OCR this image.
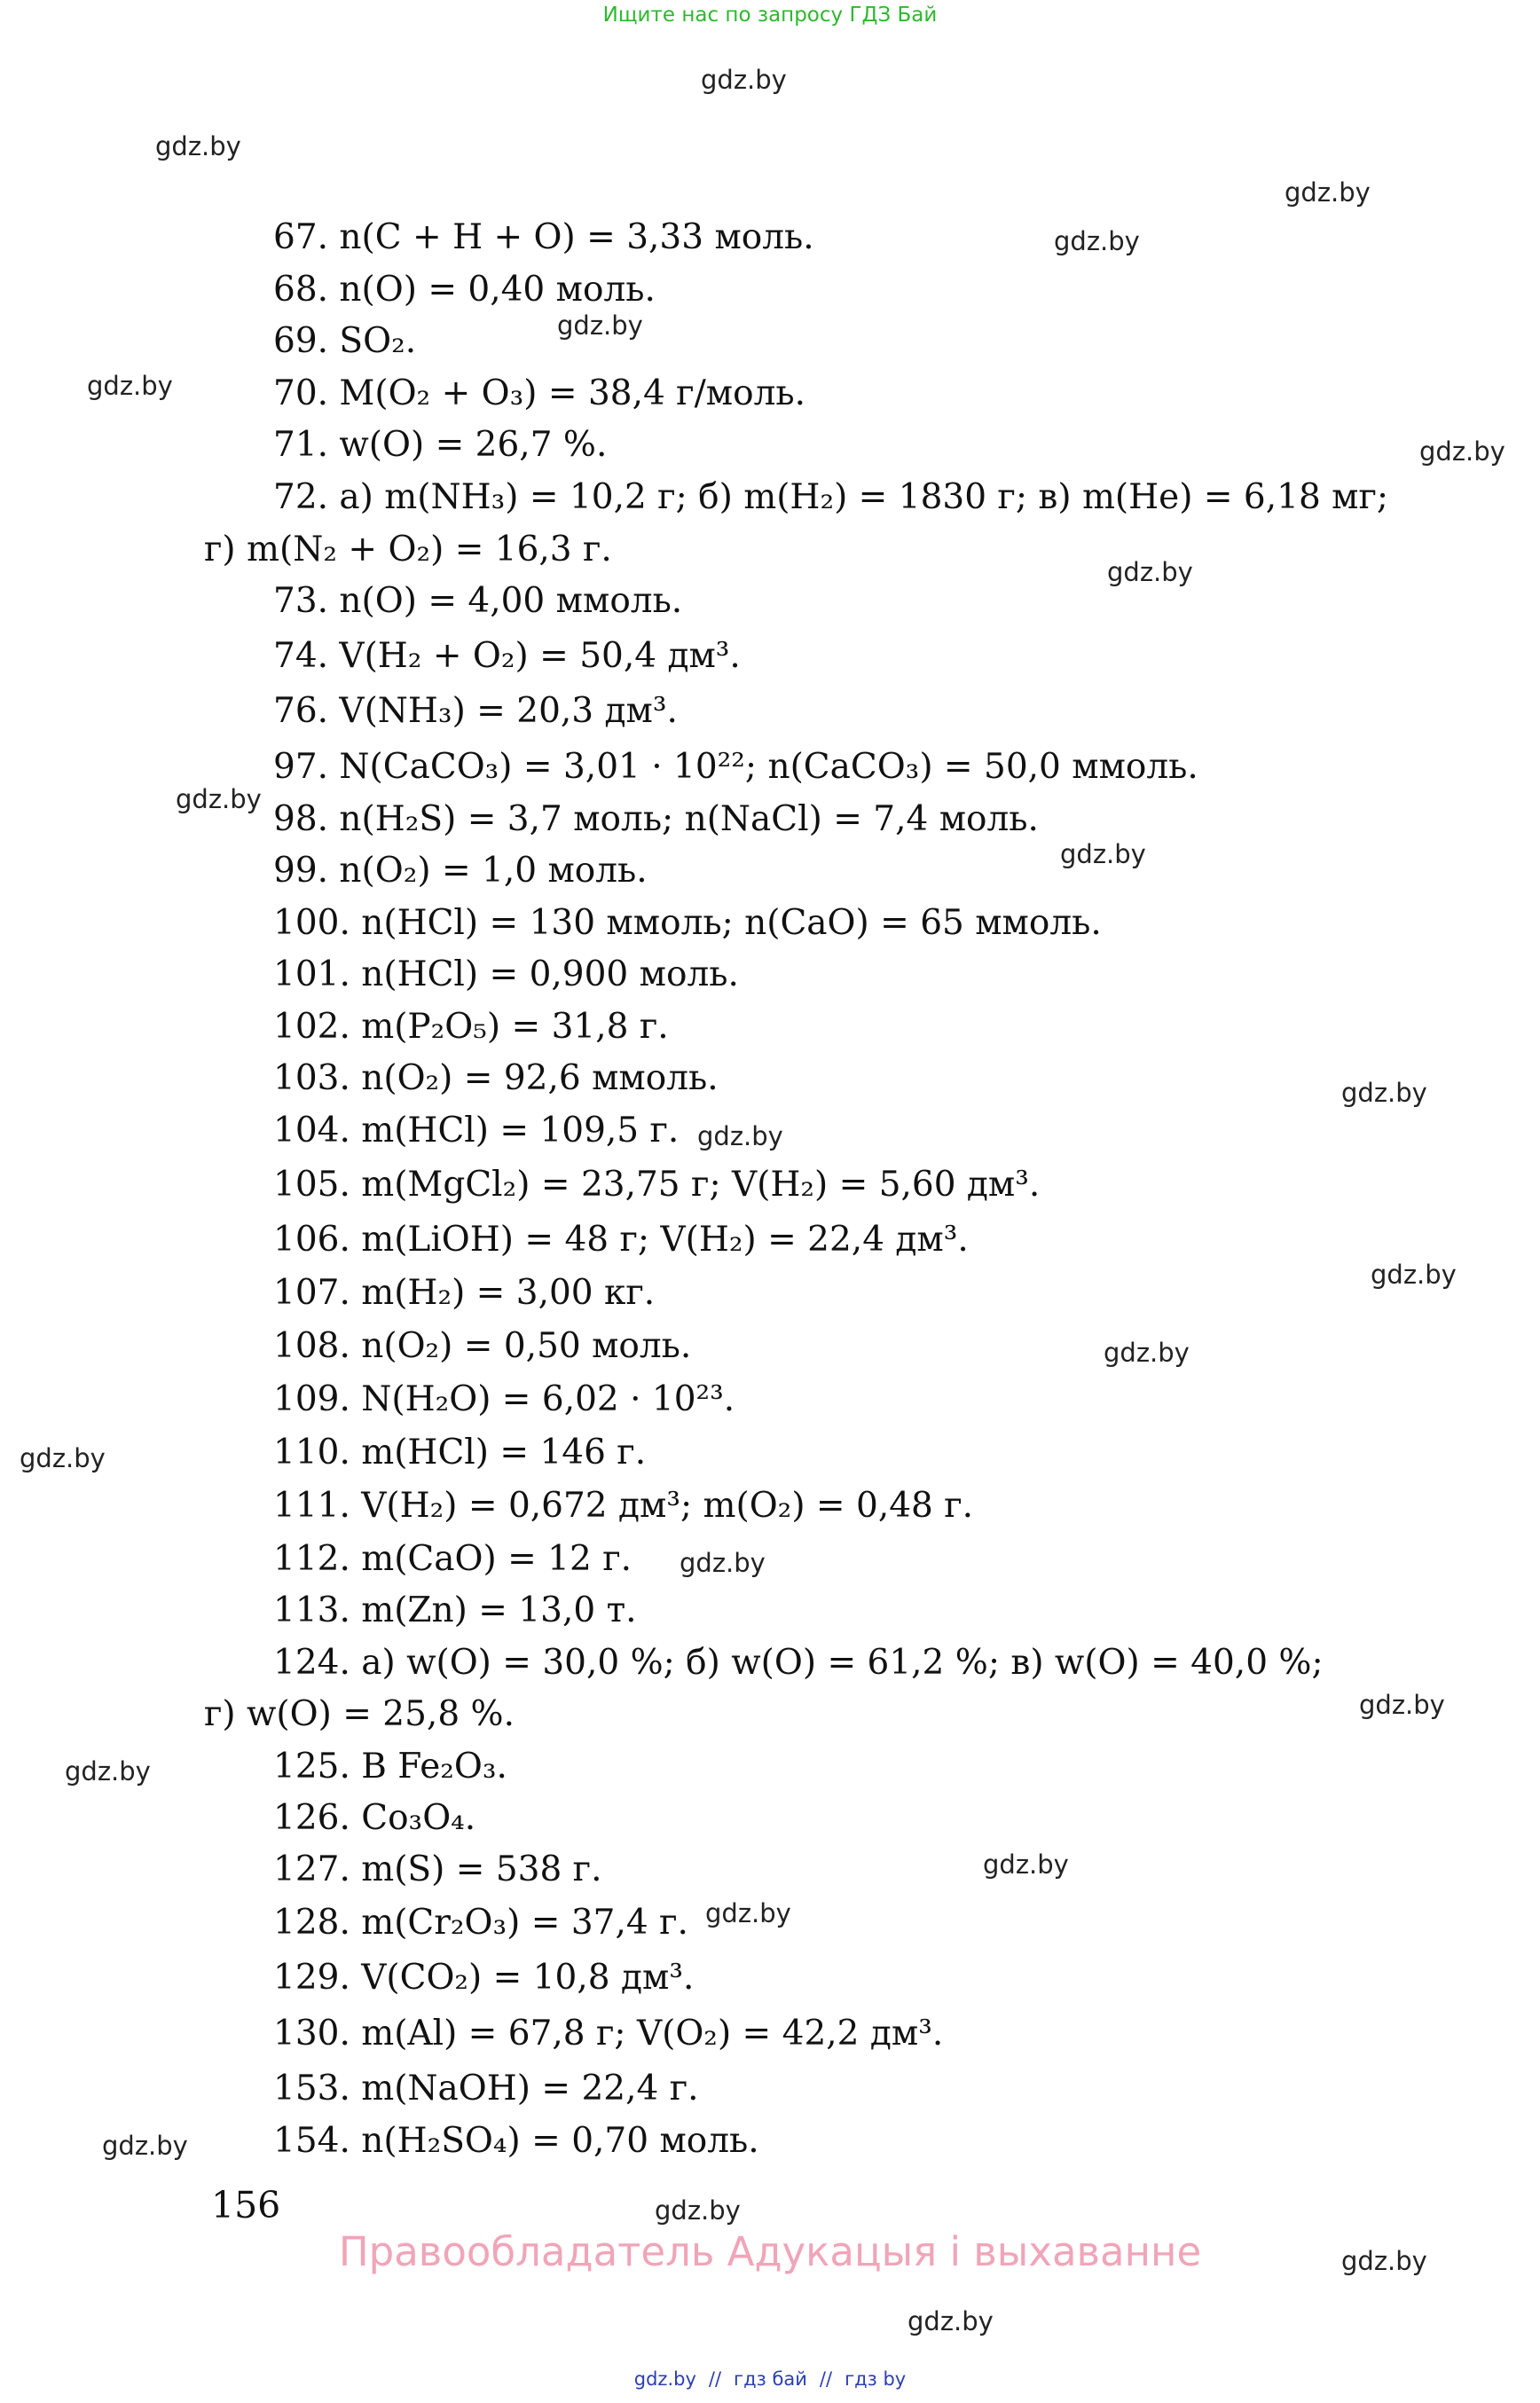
Ищите нас по запросу ГДЗ Бай
gdz.by
gdz.by
gdz.by
gdz.by
gdz.by
gdz.by
gdz.by
gdz.by
gdz.by
gdz.by
gdz.by
gdz.by
gdz.by
gdz.by
gdz.by
gdz.by
gdz.by
gdz.by
gdz.by
gdz.by
gdz.by
gdz.by
gdz.by
gdz.by
67. n(C + H + O) = 3,33 моль.
68. n(O) = 0,40 моль.
69. SO₂.
70. M(O₂ + O₃) = 38,4 г/моль.
71. w(O) = 26,7 %.
72. а) m(NH₃) = 10,2 г; б) m(H₂) = 1830 г; в) m(He) = 6,18 мг;
г) m(N₂ + O₂) = 16,3 г.
73. n(O) = 4,00 ммоль.
74. V(H₂ + O₂) = 50,4 дм³.
76. V(NH₃) = 20,3 дм³.
97. N(CaCO₃) = 3,01 · 10²²; n(CaCO₃) = 50,0 ммоль.
98. n(H₂S) = 3,7 моль; n(NaCl) = 7,4 моль.
99. n(O₂) = 1,0 моль.
100. n(HCl) = 130 ммоль; n(CaO) = 65 ммоль.
101. n(HCl) = 0,900 моль.
102. m(P₂O₅) = 31,8 г.
103. n(O₂) = 92,6 ммоль.
104. m(HCl) = 109,5 г.
105. m(MgCl₂) = 23,75 г; V(H₂) = 5,60 дм³.
106. m(LiOH) = 48 г; V(H₂) = 22,4 дм³.
107. m(H₂) = 3,00 кг.
108. n(O₂) = 0,50 моль.
109. N(H₂O) = 6,02 · 10²³.
110. m(HCl) = 146 г.
111. V(H₂) = 0,672 дм³; m(O₂) = 0,48 г.
112. m(CaO) = 12 г.
113. m(Zn) = 13,0 т.
124. а) w(O) = 30,0 %; б) w(O) = 61,2 %; в) w(O) = 40,0 %;
г) w(O) = 25,8 %.
125. В Fe₂O₃.
126. Co₃O₄.
127. m(S) = 538 г.
128. m(Cr₂O₃) = 37,4 г.
129. V(CO₂) = 10,8 дм³.
130. m(Al) = 67,8 г; V(O₂) = 42,2 дм³.
153. m(NaOH) = 22,4 г.
154. n(H₂SO₄) = 0,70 моль.
156
Правообладатель Адукацыя і выхаванне
gdz.by // гдз бай // гдз by
